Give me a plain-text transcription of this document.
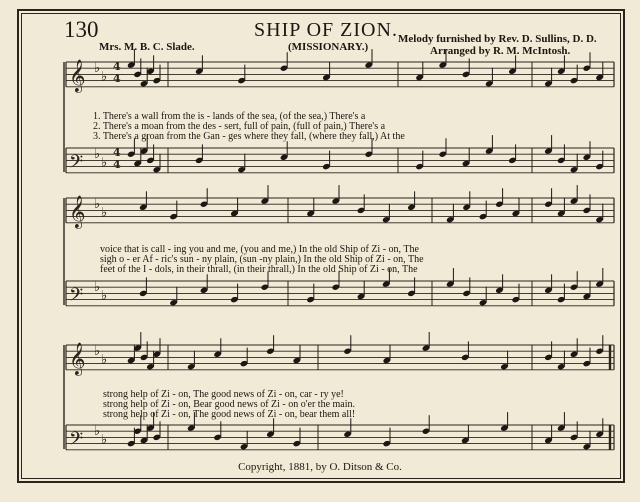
130	SHIP OF ZION.
Mrs. M. B. C. Slade.	(MISSIONARY.)
Melody furnished by Rev. D. Sullins, D. D.
Arranged by R. M. McIntosh.
𝄞 ♭
♭
𝄢 ♭
♭
𝄞 ♭
♭
𝄢 ♭
♭
𝄞 ♭
♭
𝄢 ♭
♭
4
4
4
4
1. There's a wall from the is - lands of the sea, (of the sea,) There's a
2. There's a moan from the des - sert, full of pain, (full of pain,) There's a
3. There's a groan from the Gan - ges where they fall, (where they fall,) At the
voice that is call - ing you and me, (you and me,) In the old Ship of Zi - on, The
sigh o - er Af - ric's sun - ny plain, (sun -ny plain,) In the old Ship of Zi - on, The
feet of the I - dols, in their thrall, (in their thrall,) In the old Ship of Zi - on, The
strong help of Zi - on, The good news of Zi - on, car - ry ye!
strong help of Zi - on, Bear good news of Zi - on o'er the main.
strong help of Zi - on, The good news of Zi - on, bear them all!
Copyright, 1881, by O. Ditson & Co.
